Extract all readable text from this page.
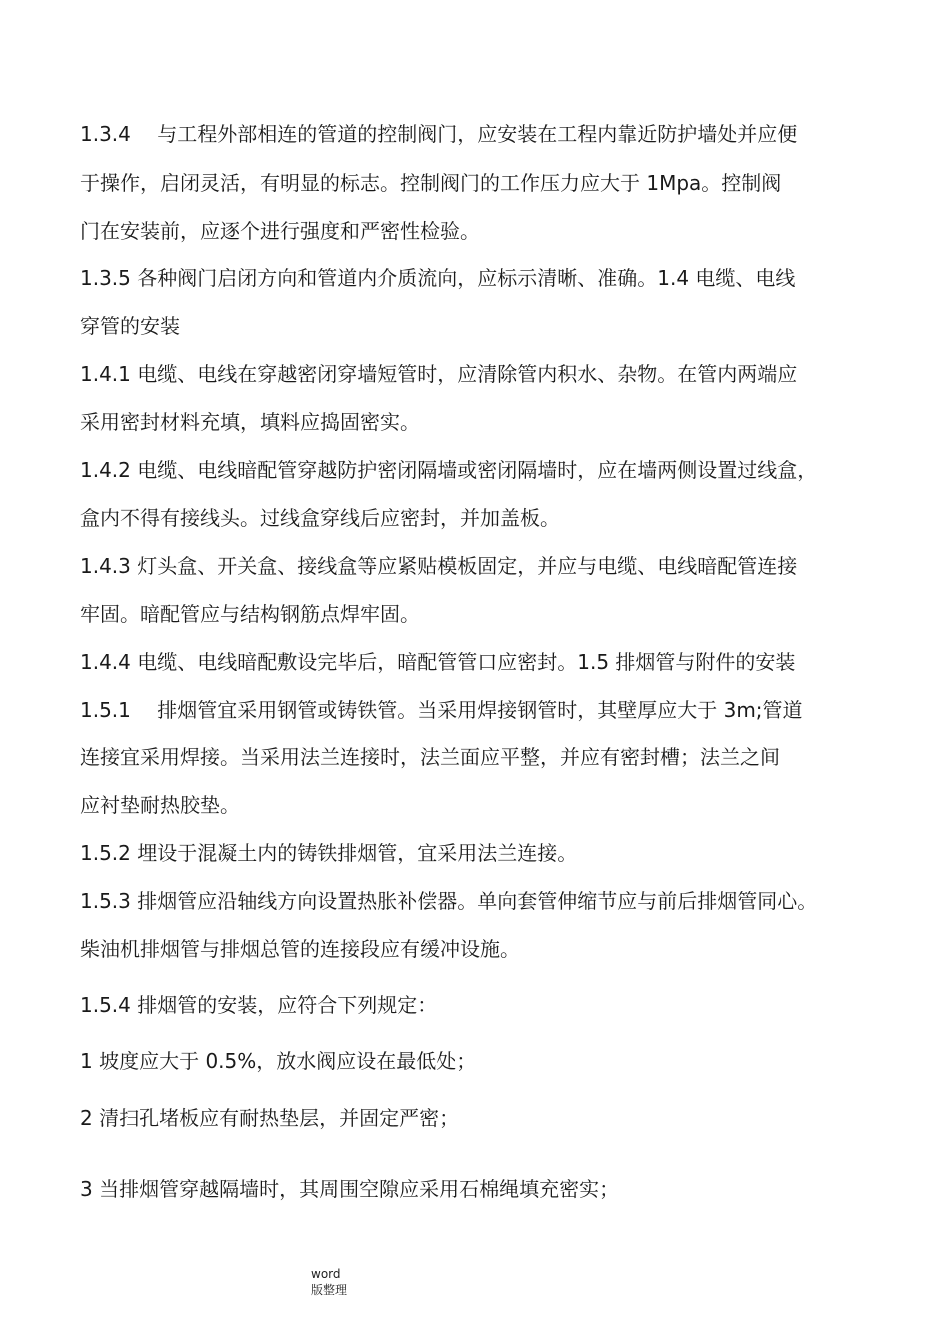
1.3.4　 与工程外部相连的管道的控制阀门，应安装在工程内靠近防护墙处并应便
于操作，启闭灵活，有明显的标志。控制阀门的工作压力应大于 1Mpa。控制阀
门在安装前，应逐个进行强度和严密性检验。
1.3.5 各种阀门启闭方向和管道内介质流向，应标示清晰、准确。1.4 电缆、电线
穿管的安装
1.4.1 电缆、电线在穿越密闭穿墙短管时，应清除管内积水、杂物。在管内两端应
采用密封材料充填，填料应捣固密实。
1.4.2 电缆、电线暗配管穿越防护密闭隔墙或密闭隔墙时，应在墙两侧设置过线盒，
盒内不得有接线头。过线盒穿线后应密封，并加盖板。
1.4.3 灯头盒、开关盒、接线盒等应紧贴模板固定，并应与电缆、电线暗配管连接
牢固。暗配管应与结构钢筋点焊牢固。
1.4.4 电缆、电线暗配敷设完毕后，暗配管管口应密封。1.5 排烟管与附件的安装
1.5.1　 排烟管宜采用钢管或铸铁管。当采用焊接钢管时，其壁厚应大于 3m;管道
连接宜采用焊接。当采用法兰连接时，法兰面应平整，并应有密封槽；法兰之间
应衬垫耐热胶垫。
1.5.2 埋设于混凝土内的铸铁排烟管，宜采用法兰连接。
1.5.3 排烟管应沿轴线方向设置热胀补偿器。单向套管伸缩节应与前后排烟管同心。
柴油机排烟管与排烟总管的连接段应有缓冲设施。
1.5.4 排烟管的安装，应符合下列规定：
1 坡度应大于 0.5%，放水阀应设在最低处；
2 清扫孔堵板应有耐热垫层，并固定严密；
3 当排烟管穿越隔墙时，其周围空隙应采用石棉绳填充密实；
word
版整理
